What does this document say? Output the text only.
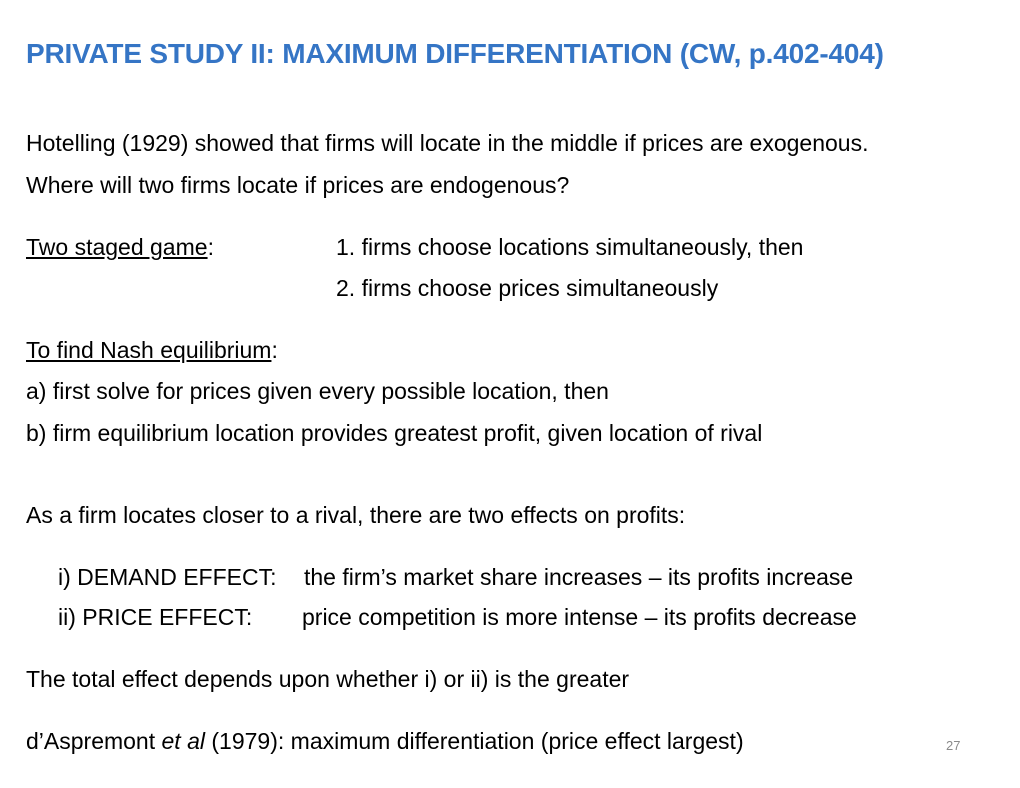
PRIVATE STUDY II: MAXIMUM DIFFERENTIATION (CW, p.402-404)
Hotelling (1929) showed that firms will locate in the middle if prices are exogenous.
Where will two firms locate if prices are endogenous?
Two staged game:	1. firms choose locations simultaneously, then
2. firms choose prices simultaneously
To find Nash equilibrium:
a) first solve for prices given every possible location, then
b) firm equilibrium location provides greatest profit, given location of rival
As a firm locates closer to a rival, there are two effects on profits:
i) DEMAND EFFECT: the firm’s market share increases – its profits increase
ii) PRICE EFFECT: price competition is more intense – its profits decrease
The total effect depends upon whether i) or ii) is the greater
d’Aspremont et al (1979): maximum differentiation (price effect largest)	27
